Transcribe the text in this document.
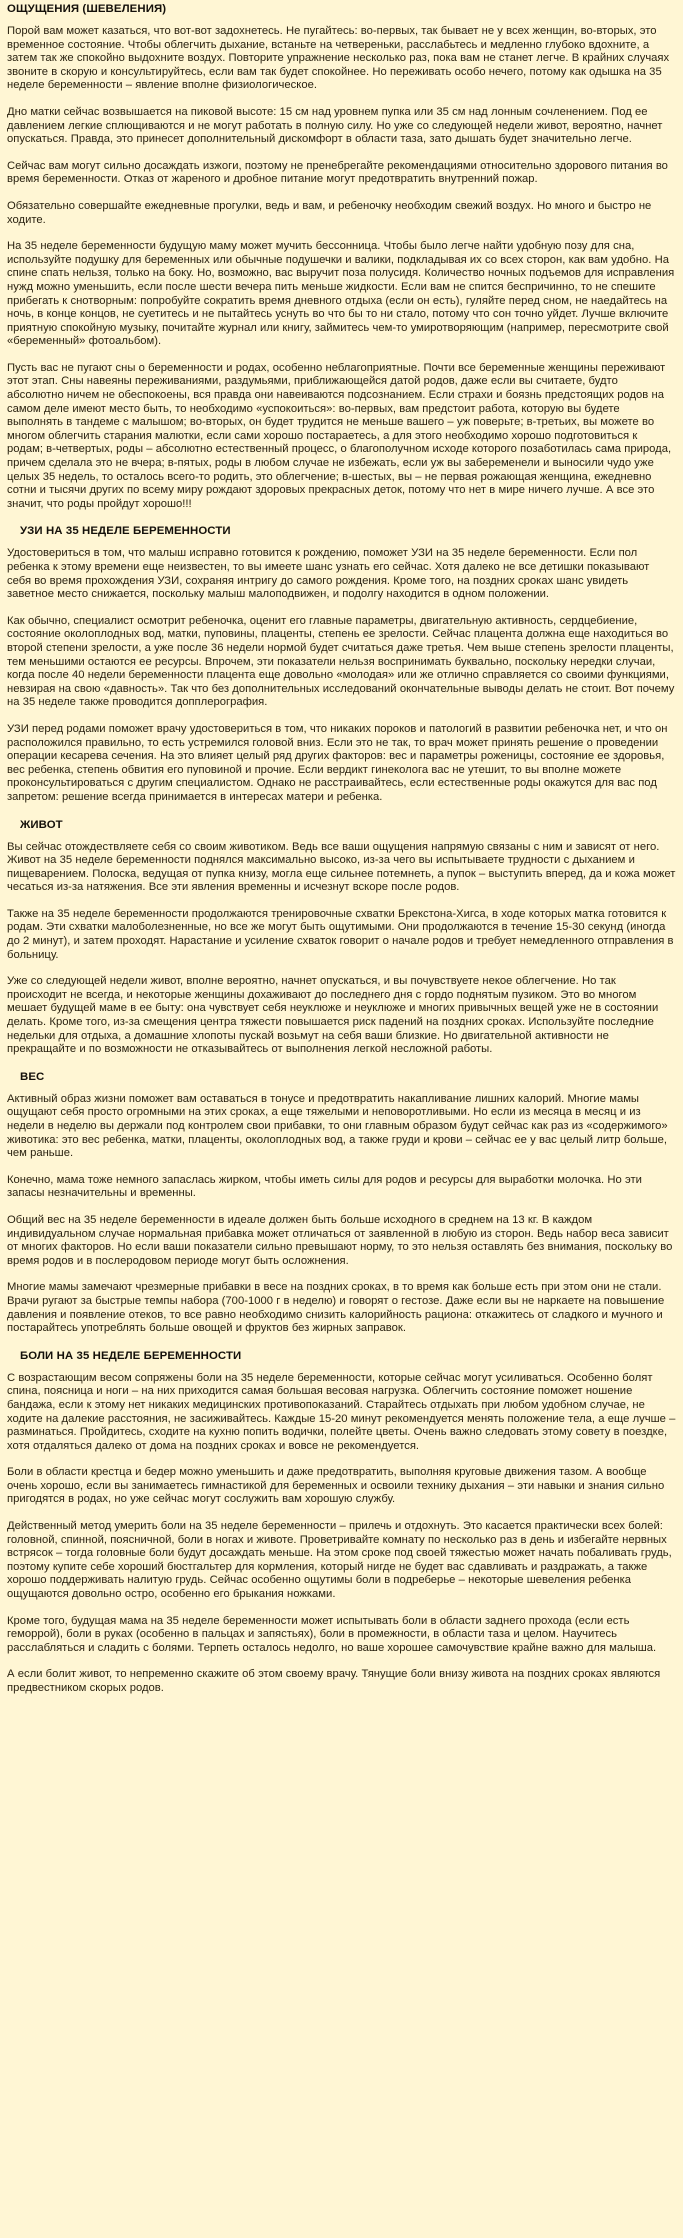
ОЩУЩЕНИЯ (ШЕВЕЛЕНИЯ)

Порой вам может казаться, что вот-вот задохнетесь. Не пугайтесь: во-первых, так бывает не у всех женщин, во-вторых, это временное состояние. Чтобы облегчить дыхание, встаньте на четвереньки, расслабьтесь и медленно глубоко вдохните, а затем так же спокойно выдохните воздух. Повторите упражнение несколько раз, пока вам не станет легче. В крайних случаях звоните в скорую и консультируйтесь, если вам так будет спокойнее. Но переживать особо нечего, потому как одышка на 35 неделе беременности – явление вполне физиологическое.

Дно матки сейчас возвышается на пиковой высоте: 15 см над уровнем пупка или 35 см над лонным сочленением. Под ее давлением легкие сплющиваются и не могут работать в полную силу. Но уже со следующей недели живот, вероятно, начнет опускаться. Правда, это принесет дополнительный дискомфорт в области таза, зато дышать будет значительно легче.

Сейчас вам могут сильно досаждать изжоги, поэтому не пренебрегайте рекомендациями относительно здорового питания во время беременности. Отказ от жареного и дробное питание могут предотвратить внутренний пожар.

Обязательно совершайте ежедневные прогулки, ведь и вам, и ребеночку необходим свежий воздух. Но много и быстро не ходите.

На 35 неделе беременности будущую маму может мучить бессонница. Чтобы было легче найти удобную позу для сна, используйте подушку для беременных или обычные подушечки и валики, подкладывая их со всех сторон, как вам удобно. На спине спать нельзя, только на боку. Но, возможно, вас выручит поза полусидя. Количество ночных подъемов для исправления нужд можно уменьшить, если после шести вечера пить меньше жидкости. Если вам не спится беспричинно, то не спешите прибегать к снотворным: попробуйте сократить время дневного отдыха (если он есть), гуляйте перед сном, не наедайтесь на ночь, в конце концов, не суетитесь и не пытайтесь уснуть во что бы то ни стало, потому что сон точно уйдет. Лучше включите приятную спокойную музыку, почитайте журнал или книгу, займитесь чем-то умиротворяющим (например, пересмотрите свой «беременный» фотоальбом).

Пусть вас не пугают сны о беременности и родах, особенно неблагоприятные. Почти все беременные женщины переживают этот этап. Сны навеяны переживаниями, раздумьями, приближающейся датой родов, даже если вы считаете, будто абсолютно ничем не обеспокоены, вся правда они навеиваются подсознанием. Если страхи и боязнь предстоящих родов на самом деле имеют место быть, то необходимо «успокоиться»: во-первых, вам предстоит работа, которую вы будете выполнять в тандеме с малышом; во-вторых, он будет трудится не меньше вашего – уж поверьте; в-третьих, вы можете во многом облегчить старания малютки, если сами хорошо постараетесь, а для этого необходимо хорошо подготовиться к родам; в-четвертых, роды – абсолютно естественный процесс, о благополучном исходе которого позаботилась сама природа, причем сделала это не вчера; в-пятых, роды в любом случае не избежать, если уж вы забеременели и выносили чудо уже целых 35 недель, то осталось всего-то родить, это облегчение; в-шестых, вы – не первая рожающая женщина, ежедневно сотни и тысячи других по всему миру рождают здоровых прекрасных деток, потому что нет в мире ничего лучше. А все это значит, что роды пройдут хорошо!!!

УЗИ НА 35 НЕДЕЛЕ БЕРЕМЕННОСТИ

Удостовериться в том, что малыш исправно готовится к рождению, поможет УЗИ на 35 неделе беременности. Если пол ребенка к этому времени еще неизвестен, то вы имеете шанс узнать его сейчас. Хотя далеко не все детишки показывают себя во время прохождения УЗИ, сохраняя интригу до самого рождения. Кроме того, на поздних сроках шанс увидеть заветное место снижается, поскольку малыш малоподвижен, и подолгу находится в одном положении.

Как обычно, специалист осмотрит ребеночка, оценит его главные параметры, двигательную активность, сердцебиение, состояние околоплодных вод, матки, пуповины, плаценты, степень ее зрелости. Сейчас плацента должна еще находиться во второй степени зрелости, а уже после 36 недели нормой будет считаться даже третья. Чем выше степень зрелости плаценты, тем меньшими остаются ее ресурсы. Впрочем, эти показатели нельзя воспринимать буквально, поскольку нередки случаи, когда после 40 недели беременности плацента еще довольно «молодая» или же отлично справляется со своими функциями, невзирая на свою «давность». Так что без дополнительных исследований окончательные выводы делать не стоит. Вот почему на 35 неделе также проводится допплерография.

УЗИ перед родами поможет врачу удостовериться в том, что никаких пороков и патологий в развитии ребеночка нет, и что он расположился правильно, то есть устремился головой вниз. Если это не так, то врач может принять решение о проведении операции кесарева сечения. На это влияет целый ряд других факторов: вес и параметры роженицы, состояние ее здоровья, вес ребенка, степень обвития его пуповиной и прочие. Если вердикт гинеколога вас не утешит, то вы вполне можете проконсультироваться с другим специалистом. Однако не расстраивайтесь, если естественные роды окажутся для вас под запретом: решение всегда принимается в интересах матери и ребенка.

ЖИВОТ

Вы сейчас отождествляете себя со своим животиком. Ведь все ваши ощущения напрямую связаны с ним и зависят от него. Живот на 35 неделе беременности поднялся максимально высоко, из-за чего вы испытываете трудности с дыханием и пищеварением. Полоска, ведущая от пупка книзу, могла еще сильнее потемнеть, а пупок – выступить вперед, да и кожа может чесаться из-за натяжения. Все эти явления временны и исчезнут вскоре после родов.

Также на 35 неделе беременности продолжаются тренировочные схватки Брекстона-Хигса, в ходе которых матка готовится к родам. Эти схватки малоболезненные, но все же могут быть ощутимыми. Они продолжаются в течение 15-30 секунд (иногда до 2 минут), и затем проходят. Нарастание и усиление схваток говорит о начале родов и требует немедленного отправления в больницу.

Уже со следующей недели живот, вполне вероятно, начнет опускаться, и вы почувствуете некое облегчение. Но так происходит не всегда, и некоторые женщины дохаживают до последнего дня с гордо поднятым пузиком. Это во многом мешает будущей маме в ее быту: она чувствует себя неуклюже и неуклюже и многих привычных вещей уже не в состоянии делать. Кроме того, из-за смещения центра тяжести повышается риск падений на поздних сроках. Используйте последние недельки для отдыха, а домашние хлопоты пускай возьмут на себя ваши близкие. Но двигательной активности не прекращайте и по возможности не отказывайтесь от выполнения легкой несложной работы.

ВЕС

Активный образ жизни поможет вам оставаться в тонусе и предотвратить накапливание лишних калорий. Многие мамы ощущают себя просто огромными на этих сроках, а еще тяжелыми и неповоротливыми. Но если из месяца в месяц и из недели в неделю вы держали под контролем свои прибавки, то они главным образом будут сейчас как раз из «содержимого» животика: это вес ребенка, матки, плаценты, околоплодных вод, а также груди и крови – сейчас ее у вас целый литр больше, чем раньше.

Конечно, мама тоже немного запаслась жирком, чтобы иметь силы для родов и ресурсы для выработки молочка. Но эти запасы незначительны и временны.

Общий вес на 35 неделе беременности в идеале должен быть больше исходного в среднем на 13 кг. В каждом индивидуальном случае нормальная прибавка может отличаться от заявленной в любую из сторон. Ведь набор веса зависит от многих факторов. Но если ваши показатели сильно превышают норму, то это нельзя оставлять без внимания, поскольку во время родов и в послеродовом периоде могут быть осложнения.

Многие мамы замечают чрезмерные прибавки в весе на поздних сроках, в то время как больше есть при этом они не стали. Врачи ругают за быстрые темпы набора (700-1000 г в неделю) и говорят о гестозе. Даже если вы не наркаете на повышение давления и появление отеков, то все равно необходимо снизить калорийность рациона: откажитесь от сладкого и мучного и постарайтесь употреблять больше овощей и фруктов без жирных заправок.

БОЛИ НА 35 НЕДЕЛЕ БЕРЕМЕННОСТИ

С возрастающим весом сопряжены боли на 35 неделе беременности, которые сейчас могут усиливаться. Особенно болят спина, поясница и ноги – на них приходится самая большая весовая нагрузка. Облегчить состояние поможет ношение бандажа, если к этому нет никаких медицинских противопоказаний. Старайтесь отдыхать при любом удобном случае, не ходите на далекие расстояния, не засиживайтесь. Каждые 15-20 минут рекомендуется менять положение тела, а еще лучше – разминаться. Пройдитесь, сходите на кухню попить водички, полейте цветы. Очень важно следовать этому совету в поездке, хотя отдаляться далеко от дома на поздних сроках и вовсе не рекомендуется.

Боли в области крестца и бедер можно уменьшить и даже предотвратить, выполняя круговые движения тазом. А вообще очень хорошо, если вы занимаетесь гимнастикой для беременных и освоили технику дыхания – эти навыки и знания сильно пригодятся в родах, но уже сейчас могут сослужить вам хорошую службу.

Действенный метод умерить боли на 35 неделе беременности – прилечь и отдохнуть. Это касается практически всех болей: головной, спинной, поясничной, боли в ногах и животе. Проветривайте комнату по несколько раз в день и избегайте нервных встрясок – тогда головные боли будут досаждать меньше. На этом сроке под своей тяжестью может начать побаливать грудь, поэтому купите себе хороший бюстгальтер для кормления, который нигде не будет вас сдавливать и раздражать, а также хорошо поддерживать налитую грудь. Сейчас особенно ощутимы боли в подреберье – некоторые шевеления ребенка ощущаются довольно остро, особенно его брыкания ножками.

Кроме того, будущая мама на 35 неделе беременности может испытывать боли в области заднего прохода (если есть геморрой), боли в руках (особенно в пальцах и запястьях), боли в промежности, в области таза и целом. Научитесь расслабляться и сладить с болями. Терпеть осталось недолго, но ваше хорошее самочувствие крайне важно для малыша.

А если болит живот, то непременно скажите об этом своему врачу. Тянущие боли внизу живота на поздних сроках являются предвестником скорых родов.
